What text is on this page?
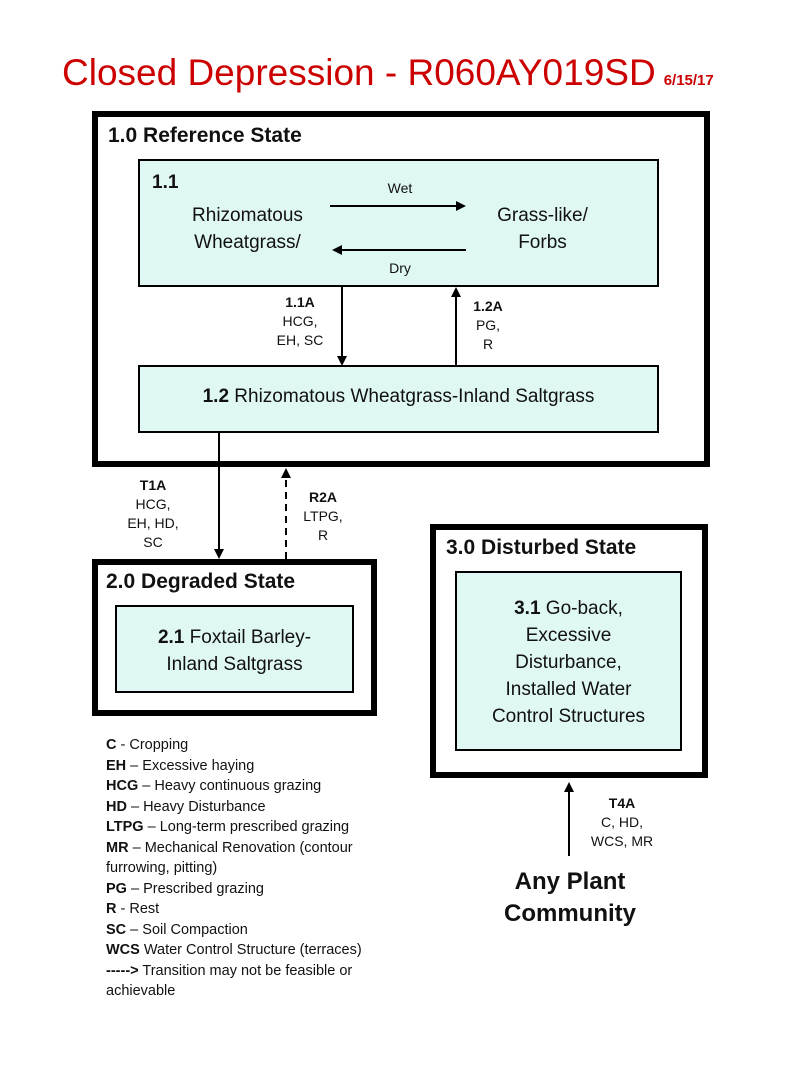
Closed Depression - R060AY019SD 6/15/17
1.0 Reference State
1.1
Rhizomatous
Wheatgrass/
Grass-like/
Forbs
Wet
Dry
1.1A
HCG,
EH, SC
1.2A
PG,
R
1.2 Rhizomatous Wheatgrass-Inland Saltgrass
T1A
HCG,
EH, HD,
SC
R2A
LTPG,
R
2.0 Degraded State
2.1 Foxtail Barley-
Inland Saltgrass
3.0 Disturbed State
3.1 Go-back,
Excessive
Disturbance,
Installed Water
Control Structures
T4A
C, HD,
WCS, MR
Any Plant
Community
C - Cropping
EH – Excessive haying
HCG – Heavy continuous grazing
HD – Heavy Disturbance
LTPG – Long-term prescribed grazing
MR – Mechanical Renovation (contour furrowing, pitting)
PG – Prescribed grazing
R - Rest
SC – Soil Compaction
WCS Water Control Structure (terraces)
-----> Transition may not be feasible or achievable
